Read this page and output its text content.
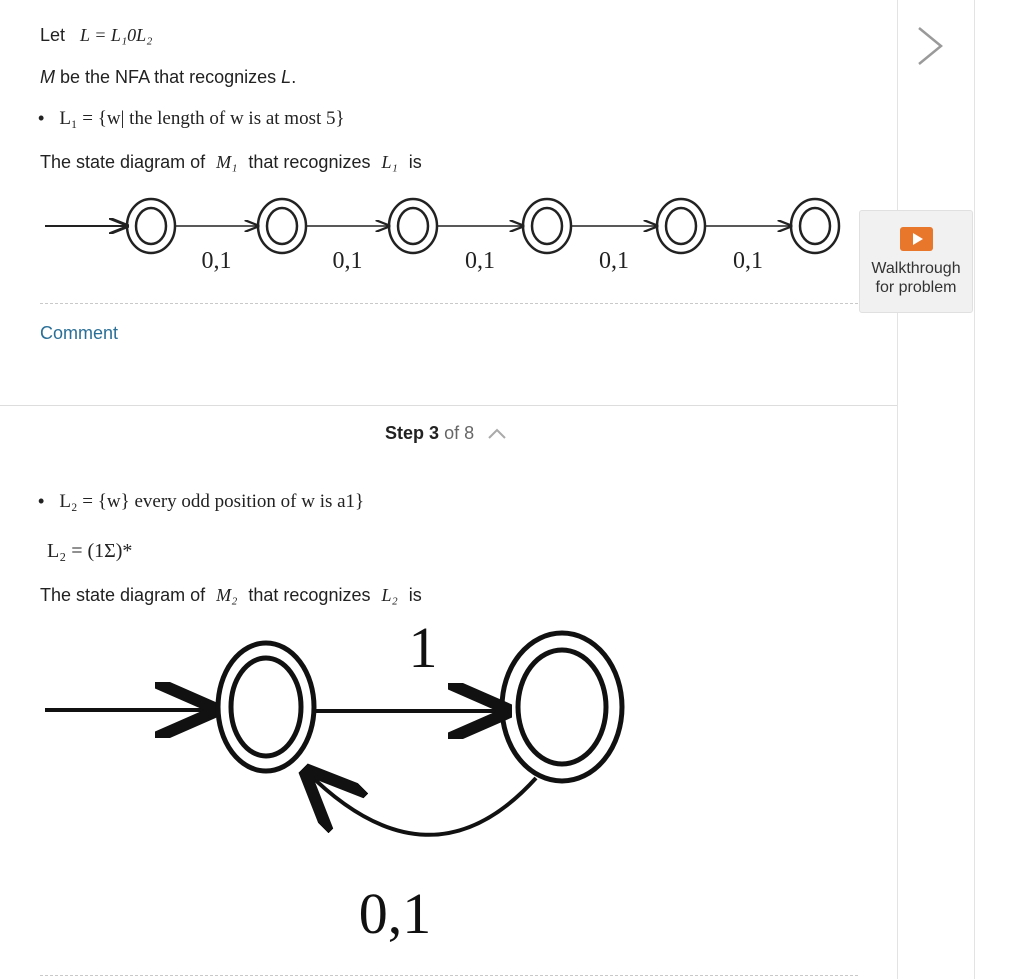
Let L = L₁0L₂
M be the NFA that recognizes L.
• L₁ = {w| the length of w is at most 5}
The state diagram of M₁ that recognizes L₁ is
0,1	0,1	0,1	0,1	0,1
Comment
Step 3 of 8
• L₂ = {w} every odd position of w is a1}
L₂ = (1Σ)*
The state diagram of M₂ that recognizes L₂ is
1
0,1
Walkthrough
for problem
